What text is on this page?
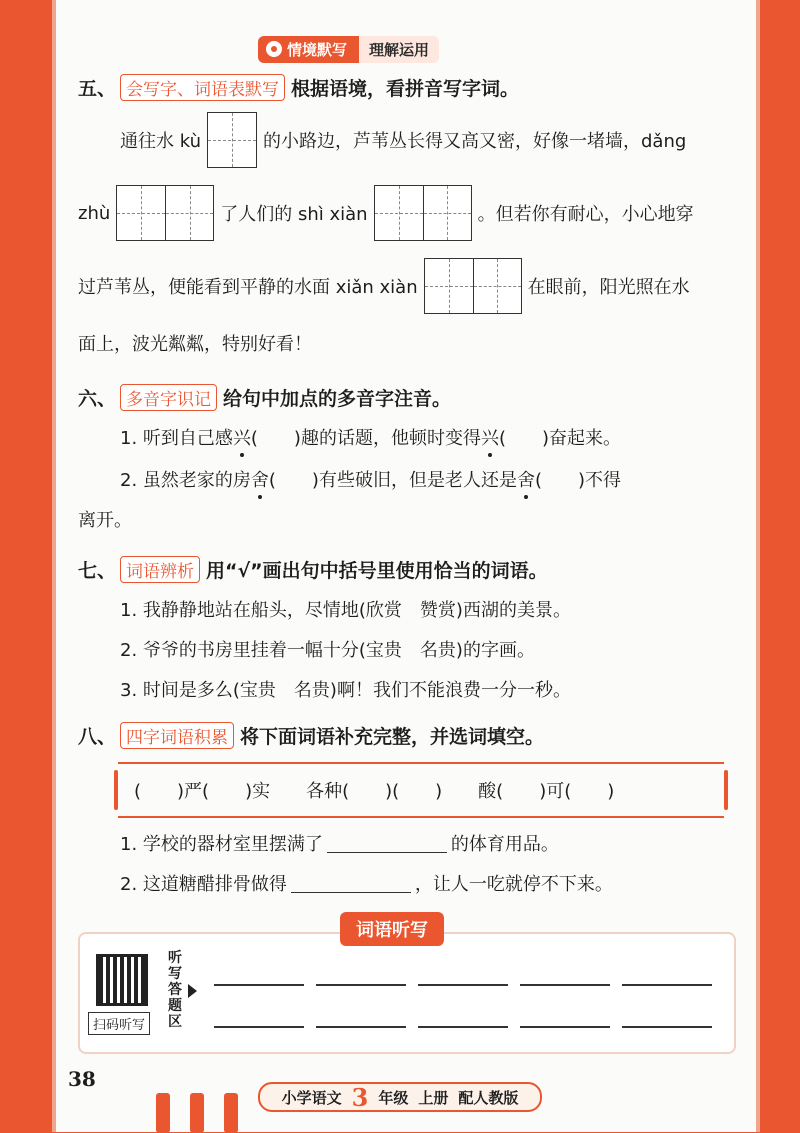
情境默写	理解运用
五、 会写字、词语表默写 根据语境，看拼音写字词。
通往水 kù	的小路边，芦苇丛长得又高又密，好像一堵墙，dǎng
zhù	了人们的 shì xiàn	。但若你有耐心，小心地穿
过芦苇丛，便能看到平静的水面 xiǎn xiàn	在眼前，阳光照在水
面上，波光粼粼，特别好看！
六、 多音字识记 给句中加点的多音字注音。
1. 听到自己感 兴 (　　)趣的话题，他顿时变得 兴 (　　)奋起来。
2. 虽然老家的房 舍 (　　)有些破旧，但是老人还是 舍 (　　)不得
离开。
七、 词语辨析 用“√”画出句中括号里使用恰当的词语。
1. 我静静地站在船头，尽情地(欣赏　赞赏)西湖的美景。
2. 爷爷的书房里挂着一幅十分(宝贵　名贵)的字画。
3. 时间是多么(宝贵　名贵)啊！我们不能浪费一分一秒。
八、 四字词语积累 将下面词语补充完整，并选词填空。
(　　)严(　　)实　　各种(　　)(　　)　　酸(　　)可(　　)
1. 学校的器材室里摆满了	的体育用品。
2. 这道糖醋排骨做得	，让人一吃就停不下来。
扫码听写
听写答题区
词语听写
38
小学语文 3 年级 上册 配人教版
